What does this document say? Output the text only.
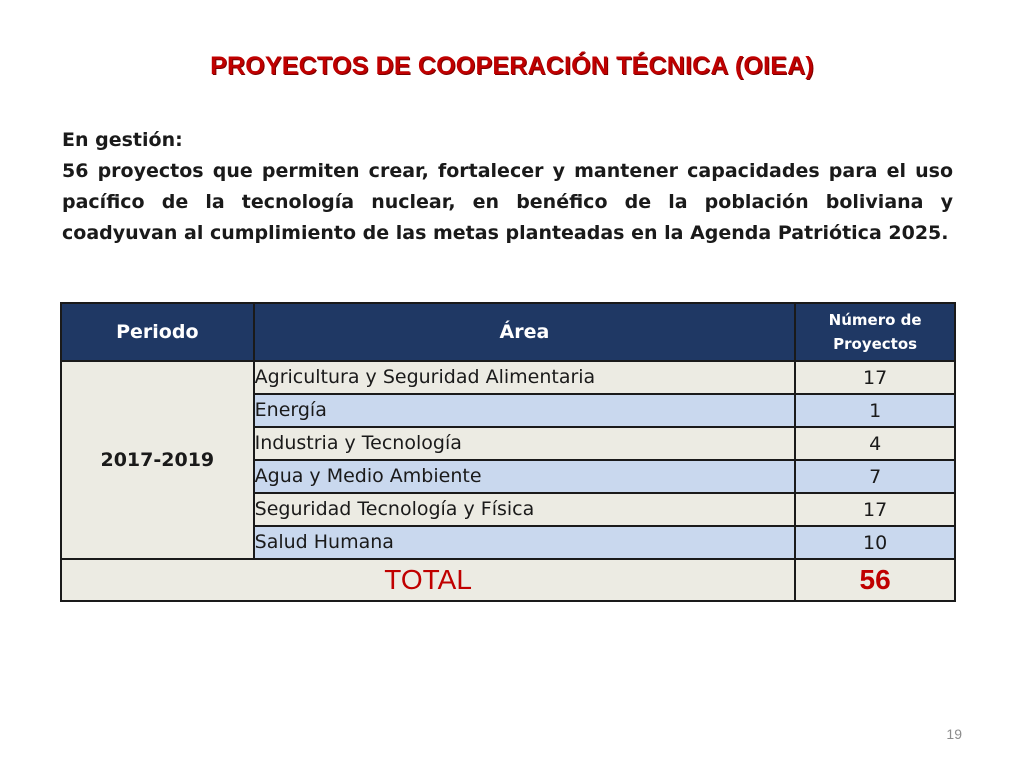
PROYECTOS DE COOPERACIÓN TÉCNICA (OIEA)
En gestión:
56 proyectos que permiten crear, fortalecer y mantener capacidades para el uso pacífico de la tecnología nuclear, en benéfico de la población boliviana y coadyuvan al cumplimiento de las metas planteadas en la Agenda Patriótica 2025.
Periodo	Área	Número de Proyectos
2017-2019	Agricultura y Seguridad Alimentaria	17
	Energía	1
	Industria y Tecnología	4
	Agua y Medio Ambiente	7
	Seguridad Tecnología y Física	17
	Salud Humana	10
TOTAL		56
19
